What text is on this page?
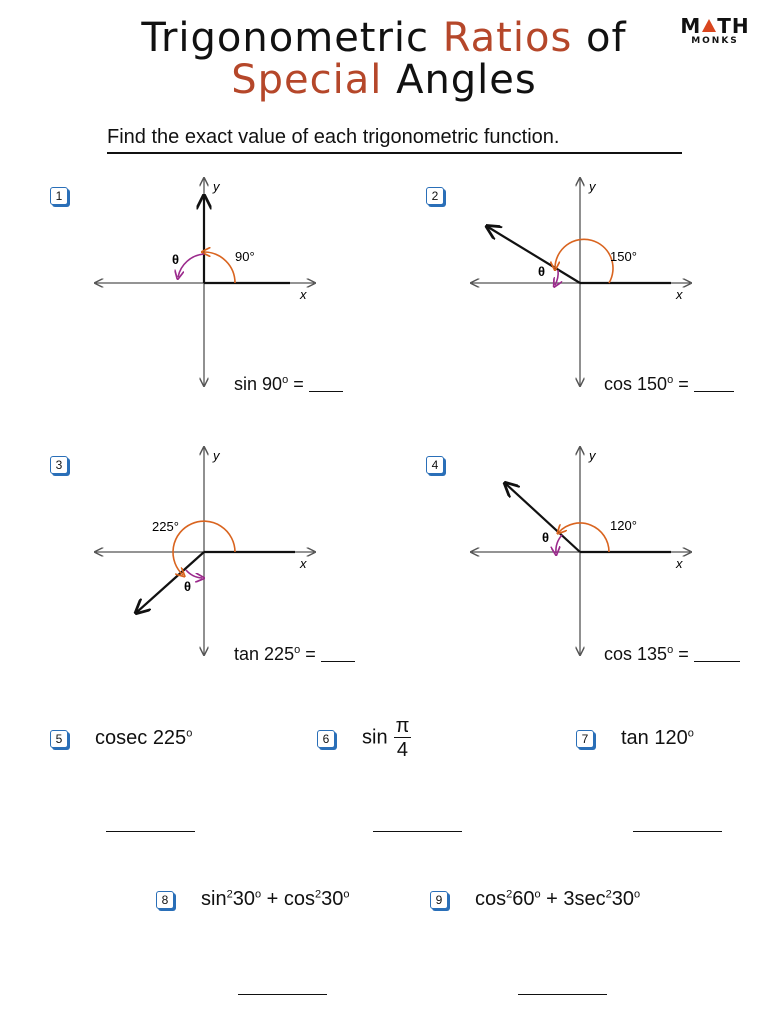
Trigonometric Ratios of
Special Angles
M TH
MONKS
Find the exact value of each trigonometric function.
1
90°
θ
x
y
$\sin 90^o$ =
2
150°
θ
x
y
$\cos 150^o$ =
3
225°
θ
x
y
$\tan 225^o$ =
4
120°
θ
x
y
$\cos 135^o$ =
5 cosec 225$^o$	6 $\sin \frac{\pi}{4}$	7 tan 120$^o$
8 $\sin^230^o + \cos^230^o$	9 $\cos^260^o + 3\sec^230^o$
